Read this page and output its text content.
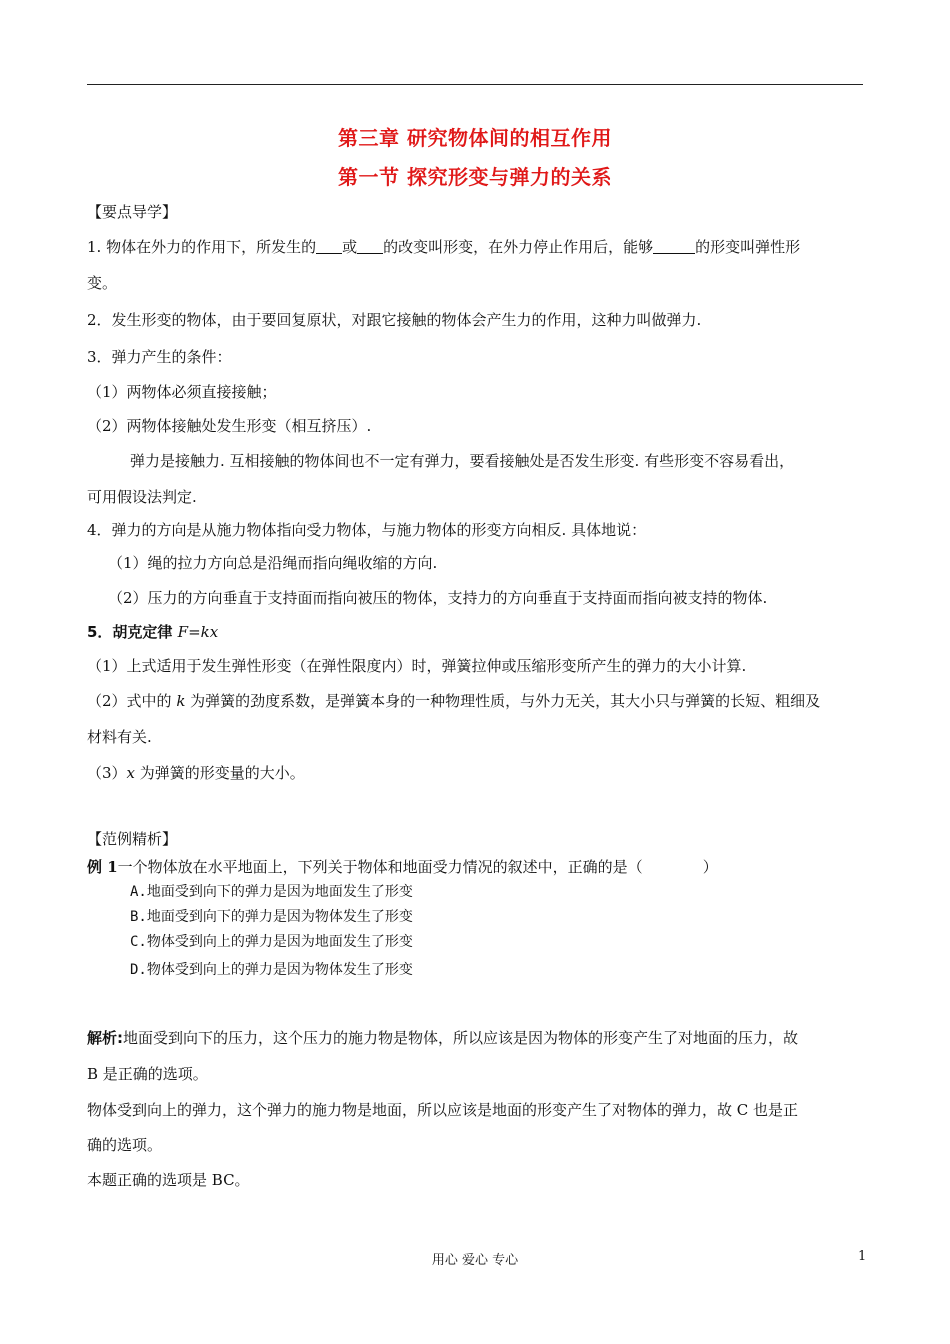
第三章 研究物体间的相互作用
第一节 探究形变与弹力的关系
【要点导学】
1. 物体在外力的作用下，所发生的 或 的改变叫形变，在外力停止作用后，能够	的形变叫弹性形
变。
2．发生形变的物体，由于要回复原状，对跟它接触的物体会产生力的作用，这种力叫做弹力.
3．弹力产生的条件：
（1）两物体必须直接接触；
（2）两物体接触处发生形变（相互挤压）.
弹力是接触力. 互相接触的物体间也不一定有弹力，要看接触处是否发生形变. 有些形变不容易看出，
可用假设法判定.
4．弹力的方向是从施力物体指向受力物体，与施力物体的形变方向相反. 具体地说：
（1）绳的拉力方向总是沿绳而指向绳收缩的方向.
（2）压力的方向垂直于支持面而指向被压的物体，支持力的方向垂直于支持面而指向被支持的物体.
5．胡克定律 F=kx
（1）上式适用于发生弹性形变（在弹性限度内）时，弹簧拉伸或压缩形变所产生的弹力的大小计算.
（2）式中的 k 为弹簧的劲度系数，是弹簧本身的一种物理性质，与外力无关，其大小只与弹簧的长短、粗细及
材料有关.
（3）x 为弹簧的形变量的大小。
【范例精析】
例 1一个物体放在水平地面上，下列关于物体和地面受力情况的叙述中，正确的是（	）
A.地面受到向下的弹力是因为地面发生了形变
B.地面受到向下的弹力是因为物体发生了形变
C.物体受到向上的弹力是因为地面发生了形变
D.物体受到向上的弹力是因为物体发生了形变
解析:地面受到向下的压力，这个压力的施力物是物体，所以应该是因为物体的形变产生了对地面的压力，故
B 是正确的选项。
物体受到向上的弹力，这个弹力的施力物是地面，所以应该是地面的形变产生了对物体的弹力，故 C 也是正
确的选项。
本题正确的选项是 BC。
用心 爱心 专心	1
